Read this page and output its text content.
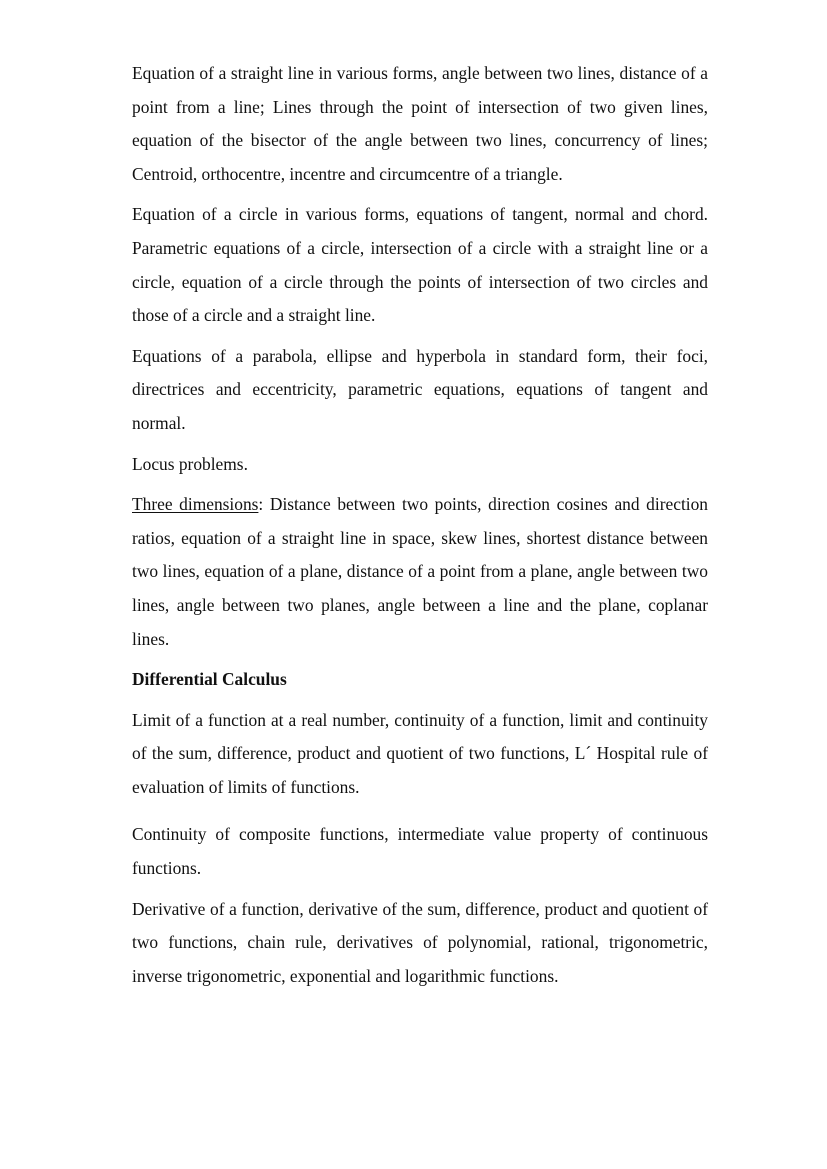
Equation of a straight line in various forms, angle between two lines, distance of a point from a line; Lines through the point of intersection of two given lines, equation of the bisector of the angle between two lines, concurrency of lines; Centroid, orthocentre, incentre and circumcentre of a triangle.

Equation of a circle in various forms, equations of tangent, normal and chord. Parametric equations of a circle, intersection of a circle with a straight line or a circle, equation of a circle through the points of intersection of two circles and those of a circle and a straight line.

Equations of a parabola, ellipse and hyperbola in standard form, their foci, directrices and eccentricity, parametric equations, equations of tangent and normal.

Locus problems.

Three dimensions: Distance between two points, direction cosines and direction ratios, equation of a straight line in space, skew lines, shortest distance between two lines, equation of a plane, distance of a point from a plane, angle between two lines, angle between two planes, angle between a line and the plane, coplanar lines.

Differential Calculus

Limit of a function at a real number, continuity of a function, limit and continuity of the sum, difference, product and quotient of two functions, L´ Hospital rule of evaluation of limits of functions.

Continuity of composite functions, intermediate value property of continuous functions.

Derivative of a function, derivative of the sum, difference, product and quotient of two functions, chain rule, derivatives of polynomial, rational, trigonometric, inverse trigonometric, exponential and logarithmic functions.
